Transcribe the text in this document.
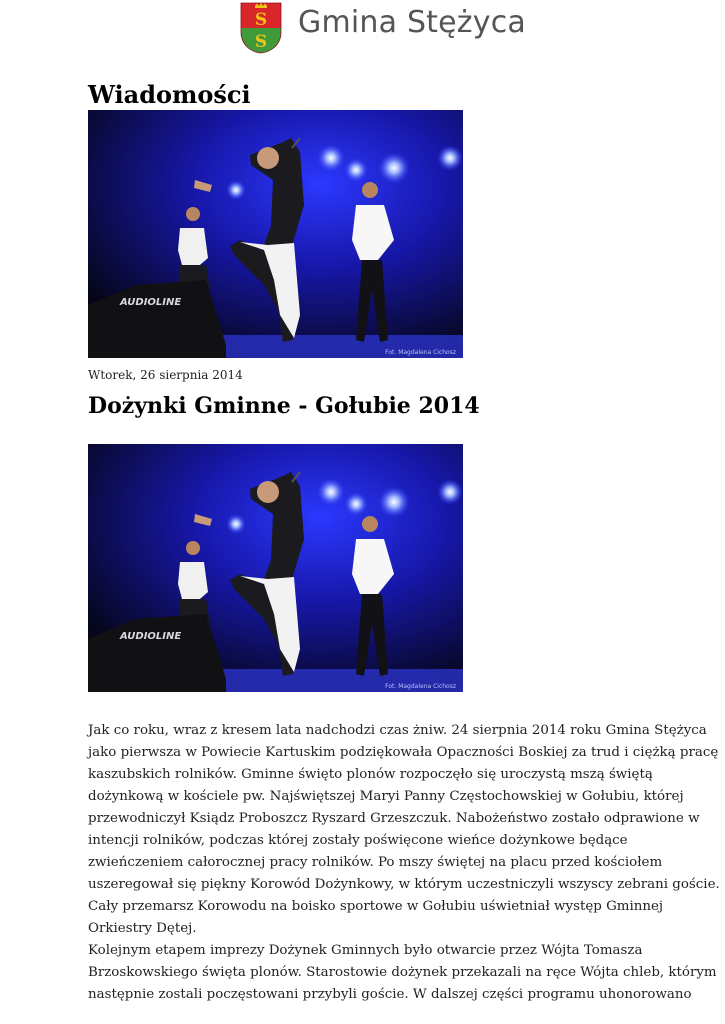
S
S
Gmina Stężyca
Wiadomości
AUDIOLINE
Fot. Magdalena Cichosz
Wtorek, 26 sierpnia 2014
Dożynki Gminne - Gołubie 2014
AUDIOLINE
Fot. Magdalena Cichosz
Jak co roku, wraz z kresem lata nadchodzi czas żniw. 24 sierpnia 2014 roku Gmina Stężyca
jako pierwsza w Powiecie Kartuskim podziękowała Opaczności Boskiej za trud i ciężką pracę
kaszubskich rolników. Gminne święto plonów rozpoczęło się uroczystą mszą świętą
dożynkową w kościele pw. Najświętszej Maryi Panny Częstochowskiej w Gołubiu, której
przewodniczył Ksiądz Proboszcz Ryszard Grzeszczuk. Nabożeństwo zostało odprawione w
intencji rolników, podczas której zostały poświęcone wieńce dożynkowe będące
zwieńczeniem całorocznej pracy rolników. Po mszy świętej na placu przed kościołem
uszeregował się piękny Korowód Dożynkowy, w którym uczestniczyli wszyscy zebrani goście.
Cały przemarsz Korowodu na boisko sportowe w Gołubiu uświetniał występ Gminnej
Orkiestry Dętej.
Kolejnym etapem imprezy Dożynek Gminnych było otwarcie przez Wójta Tomasza
Brzoskowskiego święta plonów. Starostowie dożynek przekazali na ręce Wójta chleb, którym
następnie zostali poczęstowani przybyli goście. W dalszej części programu uhonorowano
